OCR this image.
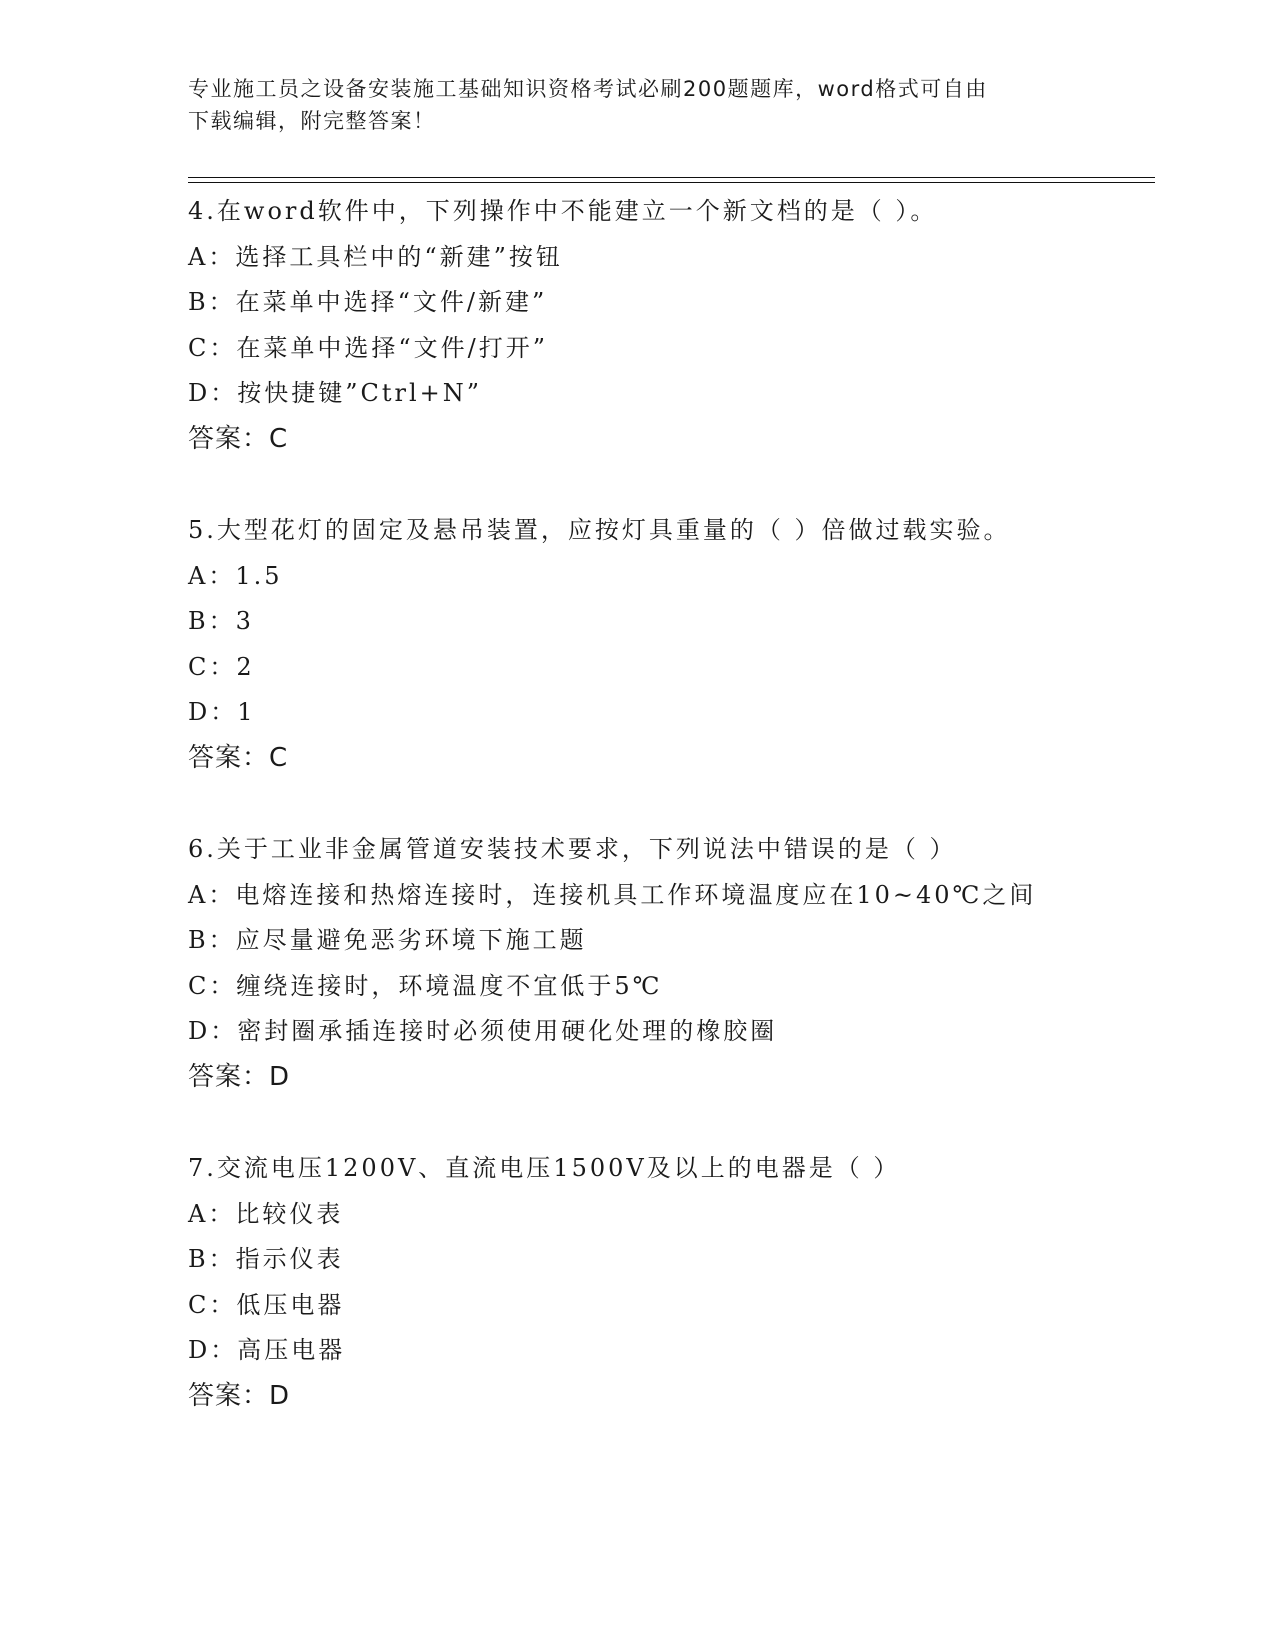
专业施工员之设备安装施工基础知识资格考试必刷200题题库，word格式可自由
下载编辑，附完整答案！
4.在word软件中，下列操作中不能建立一个新文档的是（ ）。
A：选择工具栏中的“新建”按钮
B：在菜单中选择“文件/新建”
C：在菜单中选择“文件/打开”
D：按快捷键”Ctrl+N”
答案：C
5.大型花灯的固定及悬吊装置，应按灯具重量的（ ）倍做过载实验。
A：1.5
B：3
C：2
D：1
答案：C
6.关于工业非金属管道安装技术要求，下列说法中错误的是（ ）
A：电熔连接和热熔连接时，连接机具工作环境温度应在10~40℃之间
B：应尽量避免恶劣环境下施工题
C：缠绕连接时，环境温度不宜低于5℃
D：密封圈承插连接时必须使用硬化处理的橡胶圈
答案：D
7.交流电压1200V、直流电压1500V及以上的电器是（ ）
A：比较仪表
B：指示仪表
C：低压电器
D：高压电器
答案：D
